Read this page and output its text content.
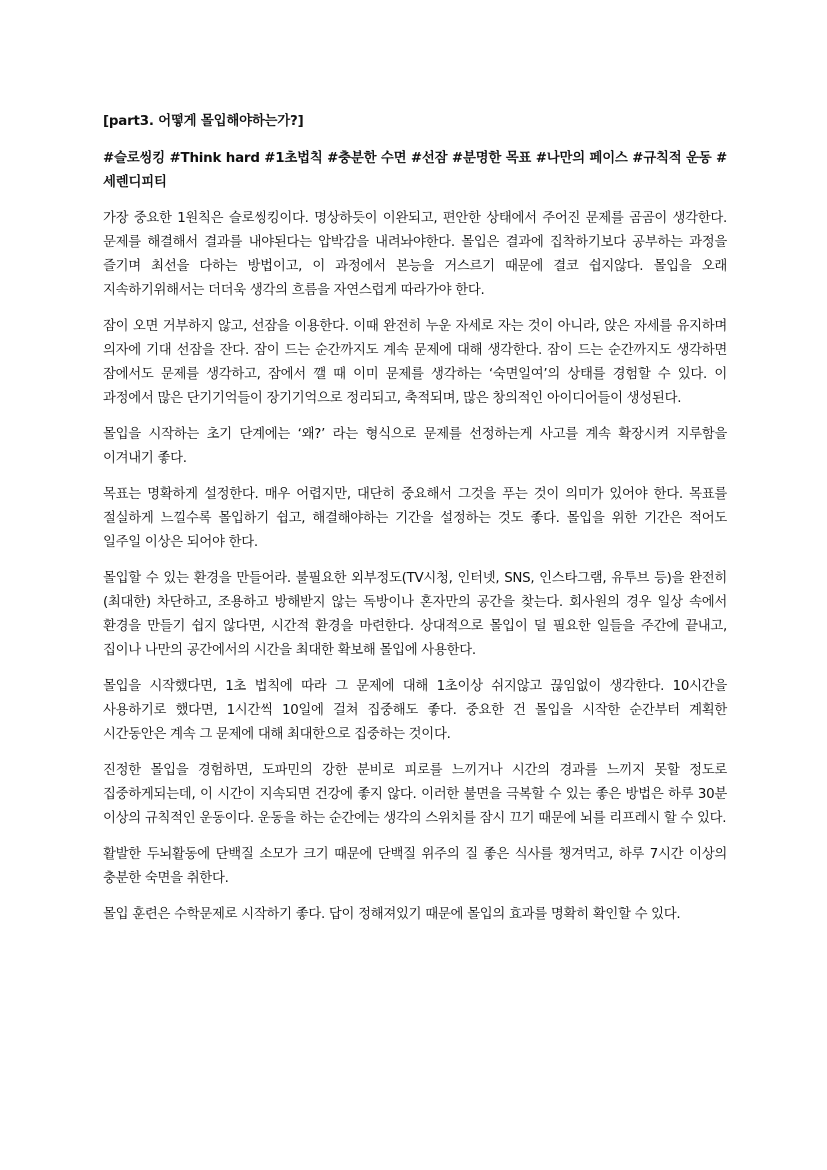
[part3. 어떻게 몰입해야하는가?]
#슬로씽킹 #Think hard #1초법칙 #충분한 수면 #선잠 #분명한 목표 #나만의 페이스 #규칙적 운동 #세렌디피티

가장 중요한 1원칙은 슬로씽킹이다. 명상하듯이 이완되고, 편안한 상태에서 주어진 문제를 곰곰이 생각한다. 문제를 해결해서 결과를 내야된다는 압박감을 내려놔야한다. 몰입은 결과에 집착하기보다 공부하는 과정을 즐기며 최선을 다하는 방법이고, 이 과정에서 본능을 거스르기 때문에 결코 쉽지않다. 몰입을 오래 지속하기위해서는 더더욱 생각의 흐름을 자연스럽게 따라가야 한다.

잠이 오면 거부하지 않고, 선잠을 이용한다. 이때 완전히 누운 자세로 자는 것이 아니라, 앉은 자세를 유지하며 의자에 기대 선잠을 잔다. 잠이 드는 순간까지도 계속 문제에 대해 생각한다. 잠이 드는 순간까지도 생각하면 잠에서도 문제를 생각하고, 잠에서 깰 때 이미 문제를 생각하는 ‘숙면일여’의 상태를 경험할 수 있다. 이 과정에서 많은 단기기억들이 장기기억으로 정리되고, 축적되며, 많은 창의적인 아이디어들이 생성된다.

몰입을 시작하는 초기 단계에는 ‘왜?’ 라는 형식으로 문제를 선정하는게 사고를 계속 확장시켜 지루함을 이겨내기 좋다.

목표는 명확하게 설정한다. 매우 어렵지만, 대단히 중요해서 그것을 푸는 것이 의미가 있어야 한다. 목표를 절실하게 느낄수록 몰입하기 쉽고, 해결해야하는 기간을 설정하는 것도 좋다. 몰입을 위한 기간은 적어도 일주일 이상은 되어야 한다.

몰입할 수 있는 환경을 만들어라. 불필요한 외부정도(TV시청, 인터넷, SNS, 인스타그램, 유투브 등)을 완전히(최대한) 차단하고, 조용하고 방해받지 않는 독방이나 혼자만의 공간을 찾는다. 회사원의 경우 일상 속에서 환경을 만들기 쉽지 않다면, 시간적 환경을 마련한다. 상대적으로 몰입이 덜 필요한 일들을 주간에 끝내고, 집이나 나만의 공간에서의 시간을 최대한 확보해 몰입에 사용한다.

몰입을 시작했다면, 1초 법칙에 따라 그 문제에 대해 1초이상 쉬지않고 끊임없이 생각한다. 10시간을 사용하기로 했다면, 1시간씩 10일에 걸쳐 집중해도 좋다. 중요한 건 몰입을 시작한 순간부터 계획한 시간동안은 계속 그 문제에 대해 최대한으로 집중하는 것이다.

진정한 몰입을 경험하면, 도파민의 강한 분비로 피로를 느끼거나 시간의 경과를 느끼지 못할 정도로 집중하게되는데, 이 시간이 지속되면 건강에 좋지 않다. 이러한 불면을 극복할 수 있는 좋은 방법은 하루 30분 이상의 규칙적인 운동이다. 운동을 하는 순간에는 생각의 스위치를 잠시 끄기 때문에 뇌를 리프레시 할 수 있다.

활발한 두뇌활동에 단백질 소모가 크기 때문에 단백질 위주의 질 좋은 식사를 챙겨먹고, 하루 7시간 이상의 충분한 숙면을 취한다.

몰입 훈련은 수학문제로 시작하기 좋다. 답이 정해져있기 때문에 몰입의 효과를 명확히 확인할 수 있다.
